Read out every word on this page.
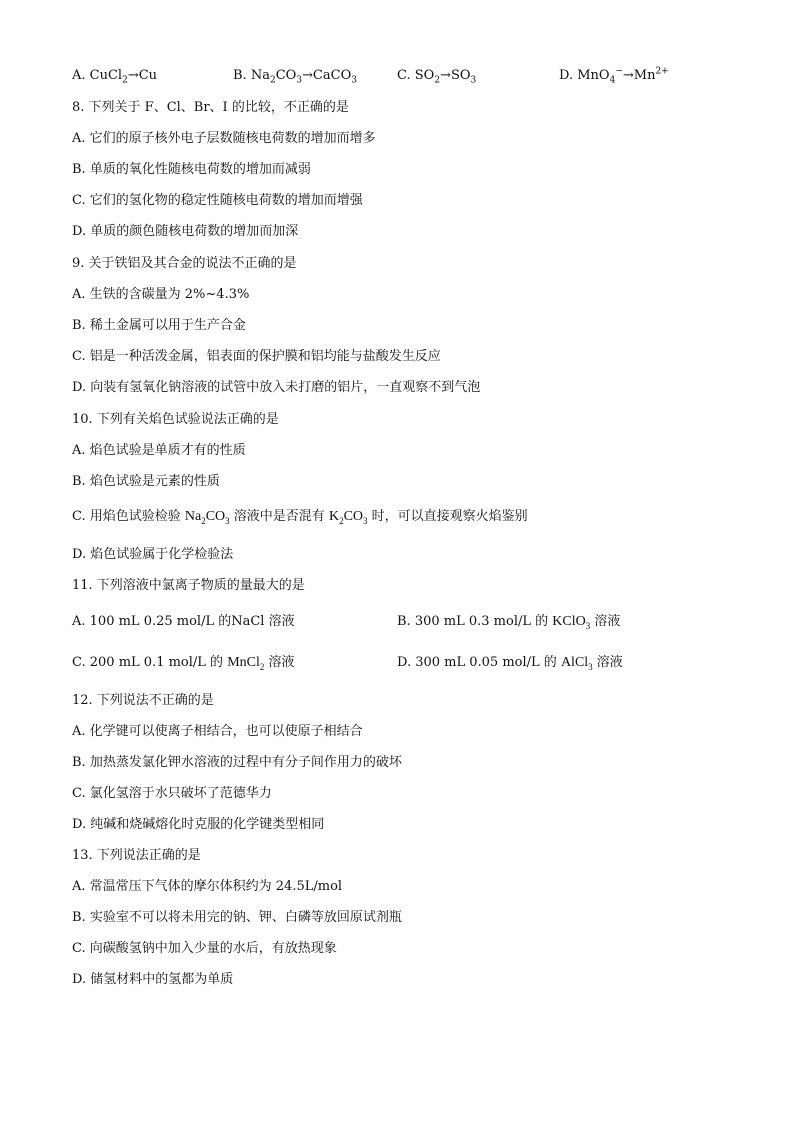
A. CuCl$_2$→Cu	B. $Na_2CO_3\to CaCO_3$	C. $SO_2\to SO_3$	D. $MnO_4^-\to Mn^{2+}$
8. 下列关于 F、Cl、Br、I 的比较，不正确的是
A. 它们的原子核外电子层数随核电荷数的增加而增多
B. 单质的氧化性随核电荷数的增加而减弱
C. 它们的氢化物的稳定性随核电荷数的增加而增强
D. 单质的颜色随核电荷数的增加而加深
9. 关于铁铝及其合金的说法不正确的是
A. 生铁的含碳量为 2%~4.3%
B. 稀土金属可以用于生产合金
C. 铝是一种活泼金属，铝表面的保护膜和铝均能与盐酸发生反应
D. 向装有氢氧化钠溶液的试管中放入未打磨的铝片，一直观察不到气泡
10. 下列有关焰色试验说法正确的是
A. 焰色试验是单质才有的性质
B. 焰色试验是元素的性质
C. 用焰色试验检验 $Na_2CO_3$ 溶液中是否混有 $K_2CO_3$ 时，可以直接观察火焰鉴别
D. 焰色试验属于化学检验法
11. 下列溶液中氯离子物质的量最大的是
A. 100 mL 0.25 mol/L 的NaCl 溶液	B. 300 mL 0.3 mol/L 的 KClO$_3$ 溶液
C. 200 mL 0.1 mol/L 的 MnCl$_2$ 溶液	D. 300 mL 0.05 mol/L 的 AlCl$_3$ 溶液
12. 下列说法不正确的是
A. 化学键可以使离子相结合，也可以使原子相结合
B. 加热蒸发氯化钾水溶液的过程中有分子间作用力的破坏
C. 氯化氢溶于水只破坏了范德华力
D. 纯碱和烧碱熔化时克服的化学键类型相同
13. 下列说法正确的是
A. 常温常压下气体的摩尔体积约为 24.5L/mol
B. 实验室不可以将未用完的钠、钾、白磷等放回原试剂瓶
C. 向碳酸氢钠中加入少量的水后，有放热现象
D. 储氢材料中的氢都为单质
